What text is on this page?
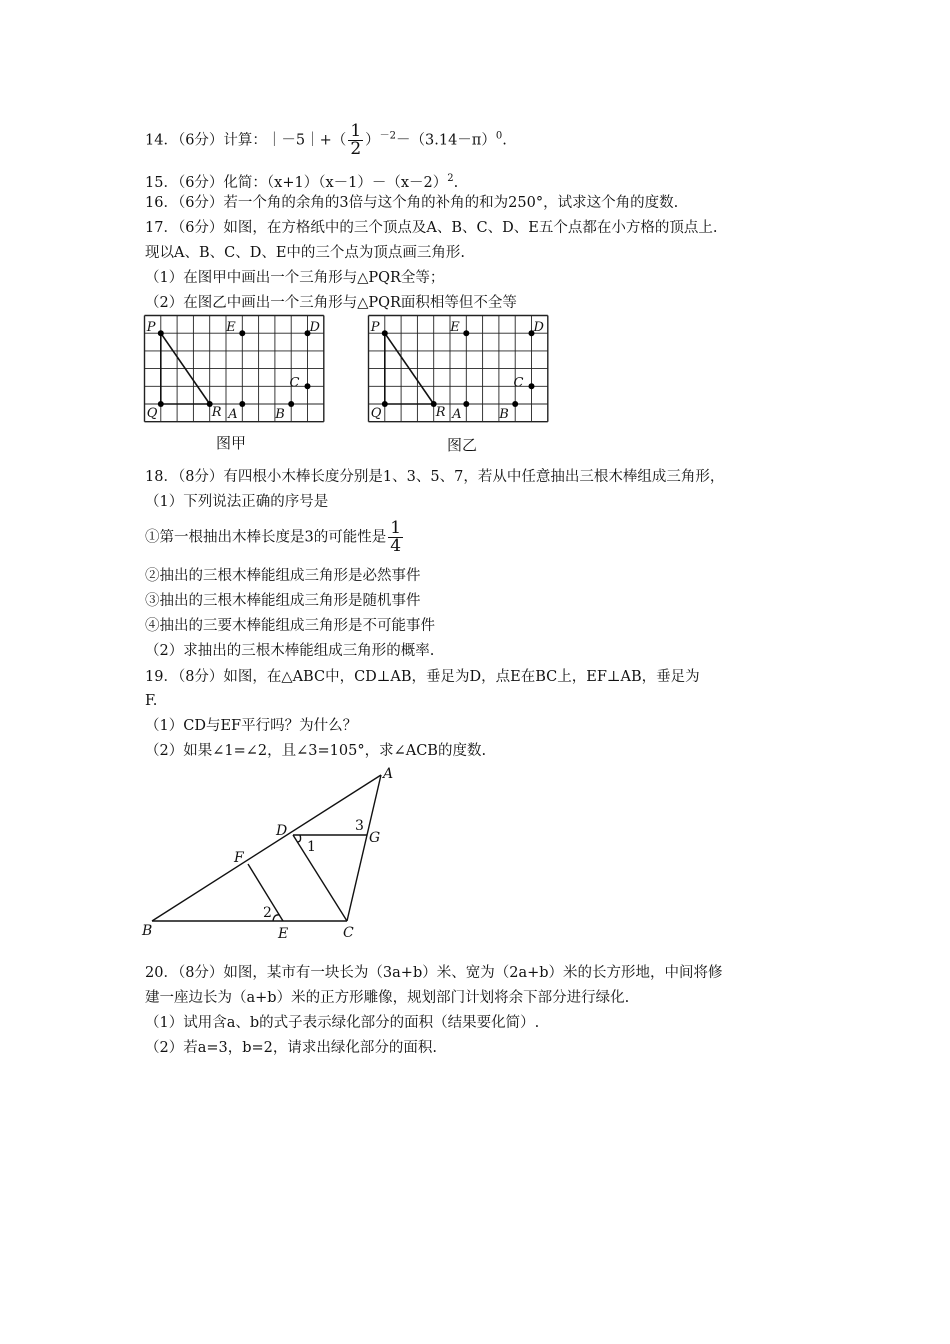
14．（6分）计算：｜－5｜+（ $\frac{1}{2} )^{-2}-(3.14-\pi)^0$.
15．（6分）化简：$(x+1)(x-1)-(x-2)^2$.
16．（6分）若一个角的余角的3倍与这个角的补角的和为250°，试求这个角的度数.
17．（6分）如图，在方格纸中的三个顶点及A、B、C、D、E五个点都在小方格的顶点上.
现以A、B、C、D、E中的三个点为顶点画三角形.
（1）在图甲中画出一个三角形与△PQR全等；
（2）在图乙中画出一个三角形与△PQR面积相等但不全等
P
Q	R
E
A
D
C
B
P
Q	R
E
A
D
C
B
图甲	图乙
18．（8分）有四根小木棒长度分别是1、3、5、7，若从中任意抽出三根木棒组成三角形，
（1）下列说法正确的序号是
①第一根抽出木棒长度是3的可能性是 $\frac{1}{4}$
②抽出的三根木棒能组成三角形是必然事件
③抽出的三根木棒能组成三角形是随机事件
④抽出的三要木棒能组成三角形是不可能事件
（2）求抽出的三根木棒能组成三角形的概率.
19．（8分）如图，在△ABC中，CD⊥AB，垂足为D，点E在BC上，EF⊥AB，垂足为
F.
（1）CD与EF平行吗？为什么？
（2）如果∠1=∠2，且∠3=105°，求∠ACB的度数.
A
B	C
D
E
F
G
1
2
3
20．（8分）如图，某市有一块长为（3a+b）米、宽为（2a+b）米的长方形地，中间将修
建一座边长为（a+b）米的正方形雕像，规划部门计划将余下部分进行绿化.
（1）试用含a、b的式子表示绿化部分的面积（结果要化简）.
（2）若a=3，b=2，请求出绿化部分的面积.
